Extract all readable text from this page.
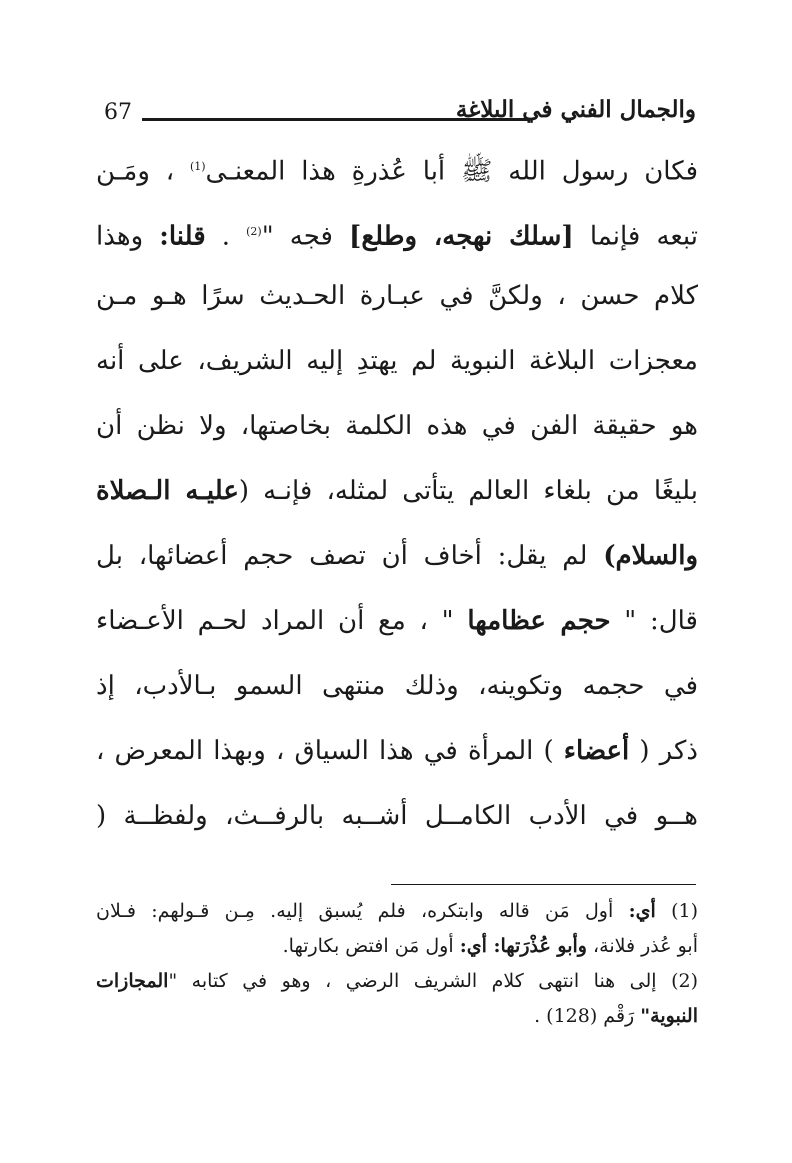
67	والجمال الفني في البلاغة
فكان رسول الله ﷺ أبا عُذرةِ هذا المعنـى$^{(1)}$ ، ومَـن
تبعه فإنما [سلك نهجه، وطلع] فجه "$^{(2)}$ . قلنا: وهذا
كلام حسن ، ولكنَّ في عبـارة الحـديث سرًا هـو مـن
معجزات البلاغة النبوية لم يهتدِ إليه الشريف، على أنه
هو حقيقة الفن في هذه الكلمة بخاصتها، ولا نظن أن
بليغًا من بلغاء العالم يتأتى لمثله، فإنـه (عليـه الـصلاة
والسلام) لم يقل: أخاف أن تصف حجم أعضائها، بل
قال: " حجم عظامها " ، مع أن المراد لحـم الأعـضاء
في حجمه وتكوينه، وذلك منتهى السمو بـالأدب، إذ
ذكر ( أعضاء ) المرأة في هذا السياق ، وبهذا المعرض ،
هــو في الأدب الكامــل أشــبه بالرفــث، ولفظــة (
(1) أي: أول مَن قاله وابتكره، فلم يُسبق إليه. مِـن قـولهم: فـلان
أبو عُذر فلانة، وأبو عُذْرَتها: أي: أول مَن افتض بكارتها.
(2) إلى هنا انتهى كلام الشريف الرضي ، وهو في كتابه "المجازات
النبوية" رَقْم (128) .
